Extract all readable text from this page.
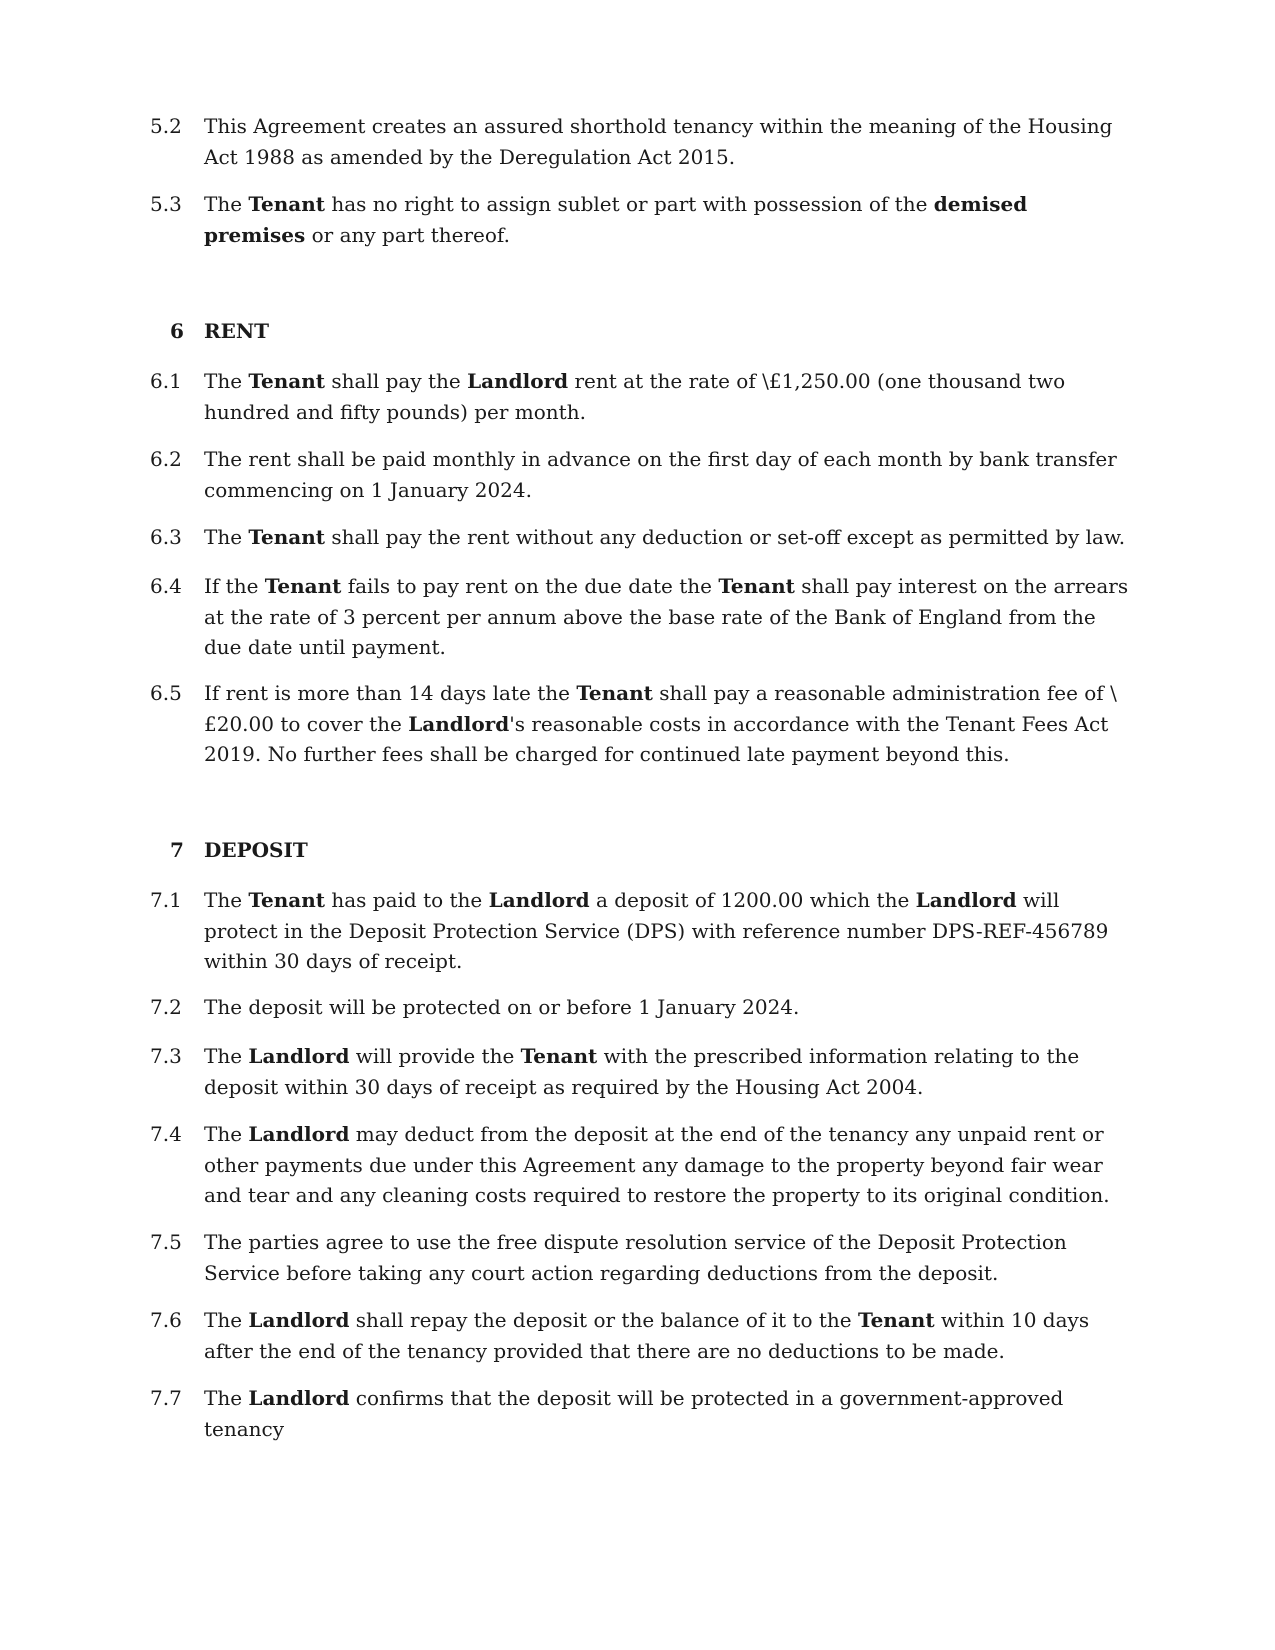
5.2	This Agreement creates an assured shorthold tenancy within the meaning of the Housing Act 1988 as amended by the Deregulation Act 2015.
5.3	The Tenant has no right to assign sublet or part with possession of the demised premises or any part thereof.
6	RENT
6.1	The Tenant shall pay the Landlord rent at the rate of \£1,250.00 (one thousand two hundred and fifty pounds) per month.
6.2	The rent shall be paid monthly in advance on the first day of each month by bank transfer commencing on 1 January 2024.
6.3	The Tenant shall pay the rent without any deduction or set-off except as permitted by law.
6.4	If the Tenant fails to pay rent on the due date the Tenant shall pay interest on the arrears at the rate of 3 percent per annum above the base rate of the Bank of England from the due date until payment.
6.5	If rent is more than 14 days late the Tenant shall pay a reasonable administration fee of \ £20.00 to cover the Landlord's reasonable costs in accordance with the Tenant Fees Act 2019. No further fees shall be charged for continued late payment beyond this.
7	DEPOSIT
7.1	The Tenant has paid to the Landlord a deposit of 1200.00 which the Landlord will protect in the Deposit Protection Service (DPS) with reference number DPS-REF-456789 within 30 days of receipt.
7.2	The deposit will be protected on or before 1 January 2024.
7.3	The Landlord will provide the Tenant with the prescribed information relating to the deposit within 30 days of receipt as required by the Housing Act 2004.
7.4	The Landlord may deduct from the deposit at the end of the tenancy any unpaid rent or other payments due under this Agreement any damage to the property beyond fair wear and tear and any cleaning costs required to restore the property to its original condition.
7.5	The parties agree to use the free dispute resolution service of the Deposit Protection Service before taking any court action regarding deductions from the deposit.
7.6	The Landlord shall repay the deposit or the balance of it to the Tenant within 10 days after the end of the tenancy provided that there are no deductions to be made.
7.7	The Landlord confirms that the deposit will be protected in a government-approved tenancy
